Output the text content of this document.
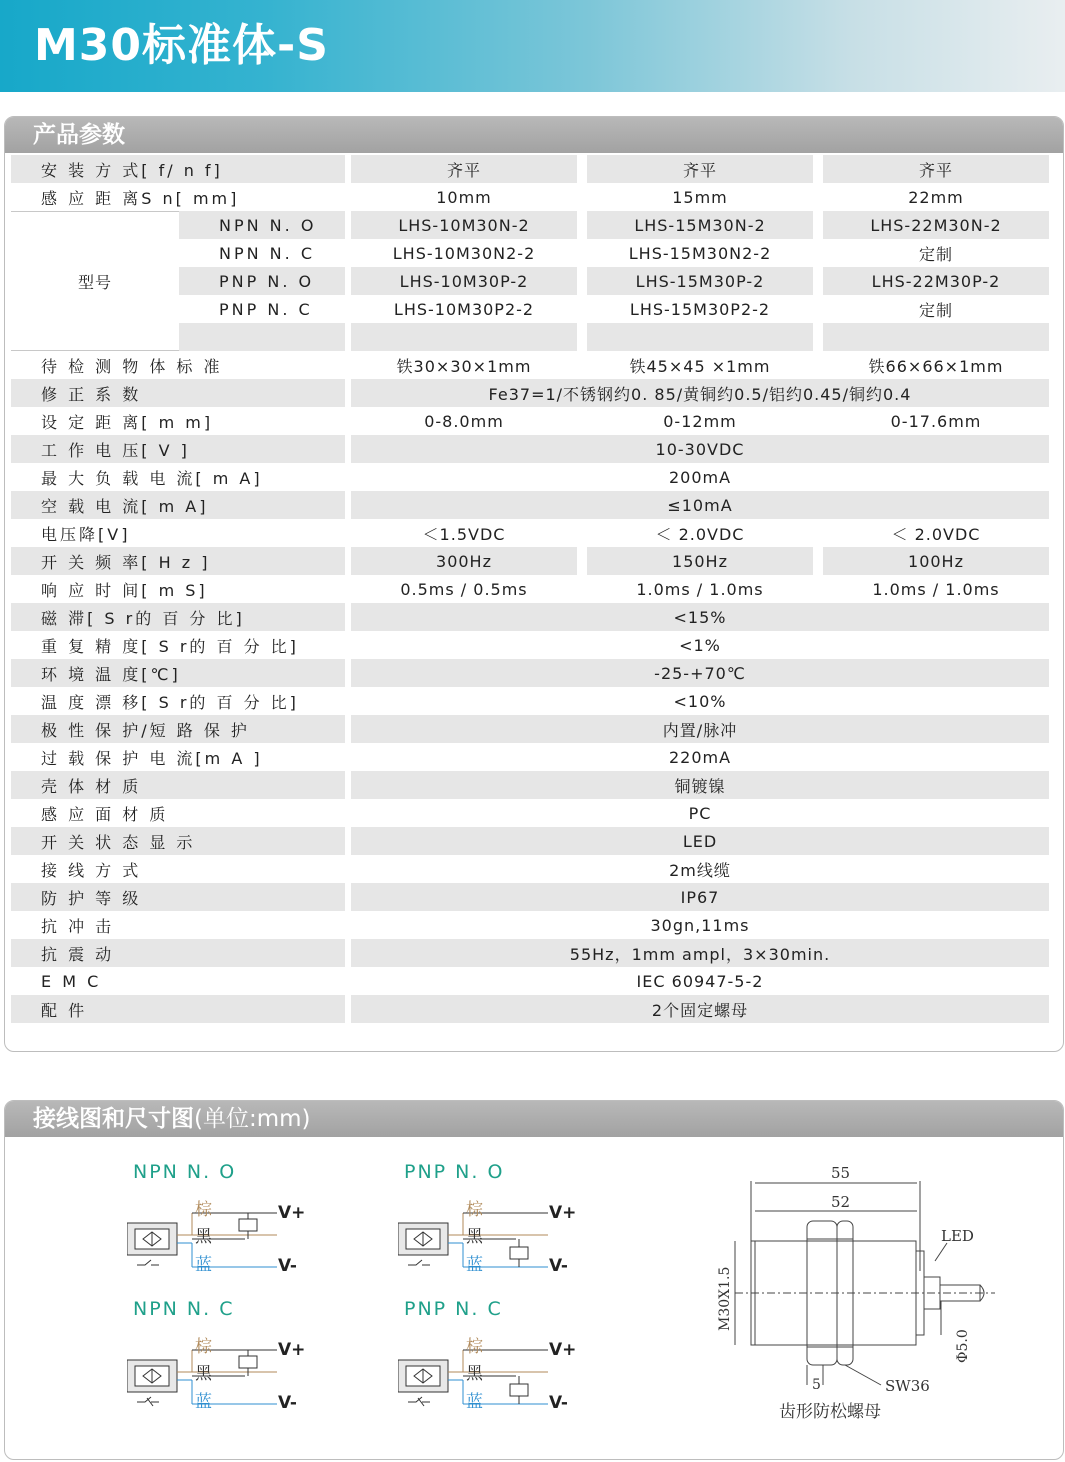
M30标准体-S
产品参数
安 装 方 式[ f/ n f]			齐平		齐平		齐平
感 应 距 离S n[ mm]			10mm		15mm		22mm
型号	NPN N. O		LHS-10M30N-2		LHS-15M30N-2		LHS-22M30N-2
	NPN N. C		LHS-10M30N2-2		LHS-15M30N2-2		定制
	PNP N. O		LHS-10M30P-2		LHS-15M30P-2		LHS-22M30P-2
	PNP N. C		LHS-10M30P2-2		LHS-15M30P2-2		定制

待 检 测 物 体 标 准			铁30×30×1mm		铁45×45 ×1mm		铁66×66×1mm
修 正 系 数			Fe37=1/不锈钢约0. 85/黄铜约0.5/铝约0.45/铜约0.4				
设 定 距 离[ m m]			0-8.0mm		0-12mm		0-17.6mm
工 作 电 压[ V ]			10-30VDC				
最 大 负 载 电 流[ m A]			200mA				
空 载 电 流[ m A]			≤10mA				
电压降[V]			＜1.5VDC		＜ 2.0VDC		＜ 2.0VDC
开 关 频 率[ H z ]			300Hz		150Hz		100Hz
响 应 时 间[ m S]			0.5ms / 0.5ms		1.0ms / 1.0ms		1.0ms / 1.0ms
磁 滞[ S r的 百 分 比]			<15%				
重 复 精 度[ S r的 百 分 比]			<1%				
环 境 温 度[℃]			-25-+70℃				
温 度 漂 移[ S r的 百 分 比]			<10%				
极 性 保 护/短 路 保 护			内置/脉冲				
过 载 保 护 电 流[m A ]			220mA				
壳 体 材 质			铜镀镍				
感 应 面 材 质			PC				
开 关 状 态 显 示			LED				
接 线 方 式			2m线缆				
防 护 等 级			IP67				
抗 冲 击			30gn,11ms				
抗 震 动			55Hz，1mm ampl，3×30min.				
E M C			IEC 60947-5-2				
配 件			2个固定螺母				
接线图和尺寸图(单位:mm)
NPN N. O
棕
黑
蓝
V+
V-
PNP N. O
棕
黑
蓝
V+
V-
NPN N. C
棕
黑
蓝
V+
V-
PNP N. C
棕
黑
蓝
V+
V-
55
52
LED
M30X1.5
Φ5.0
5	SW36
齿形防松螺母
